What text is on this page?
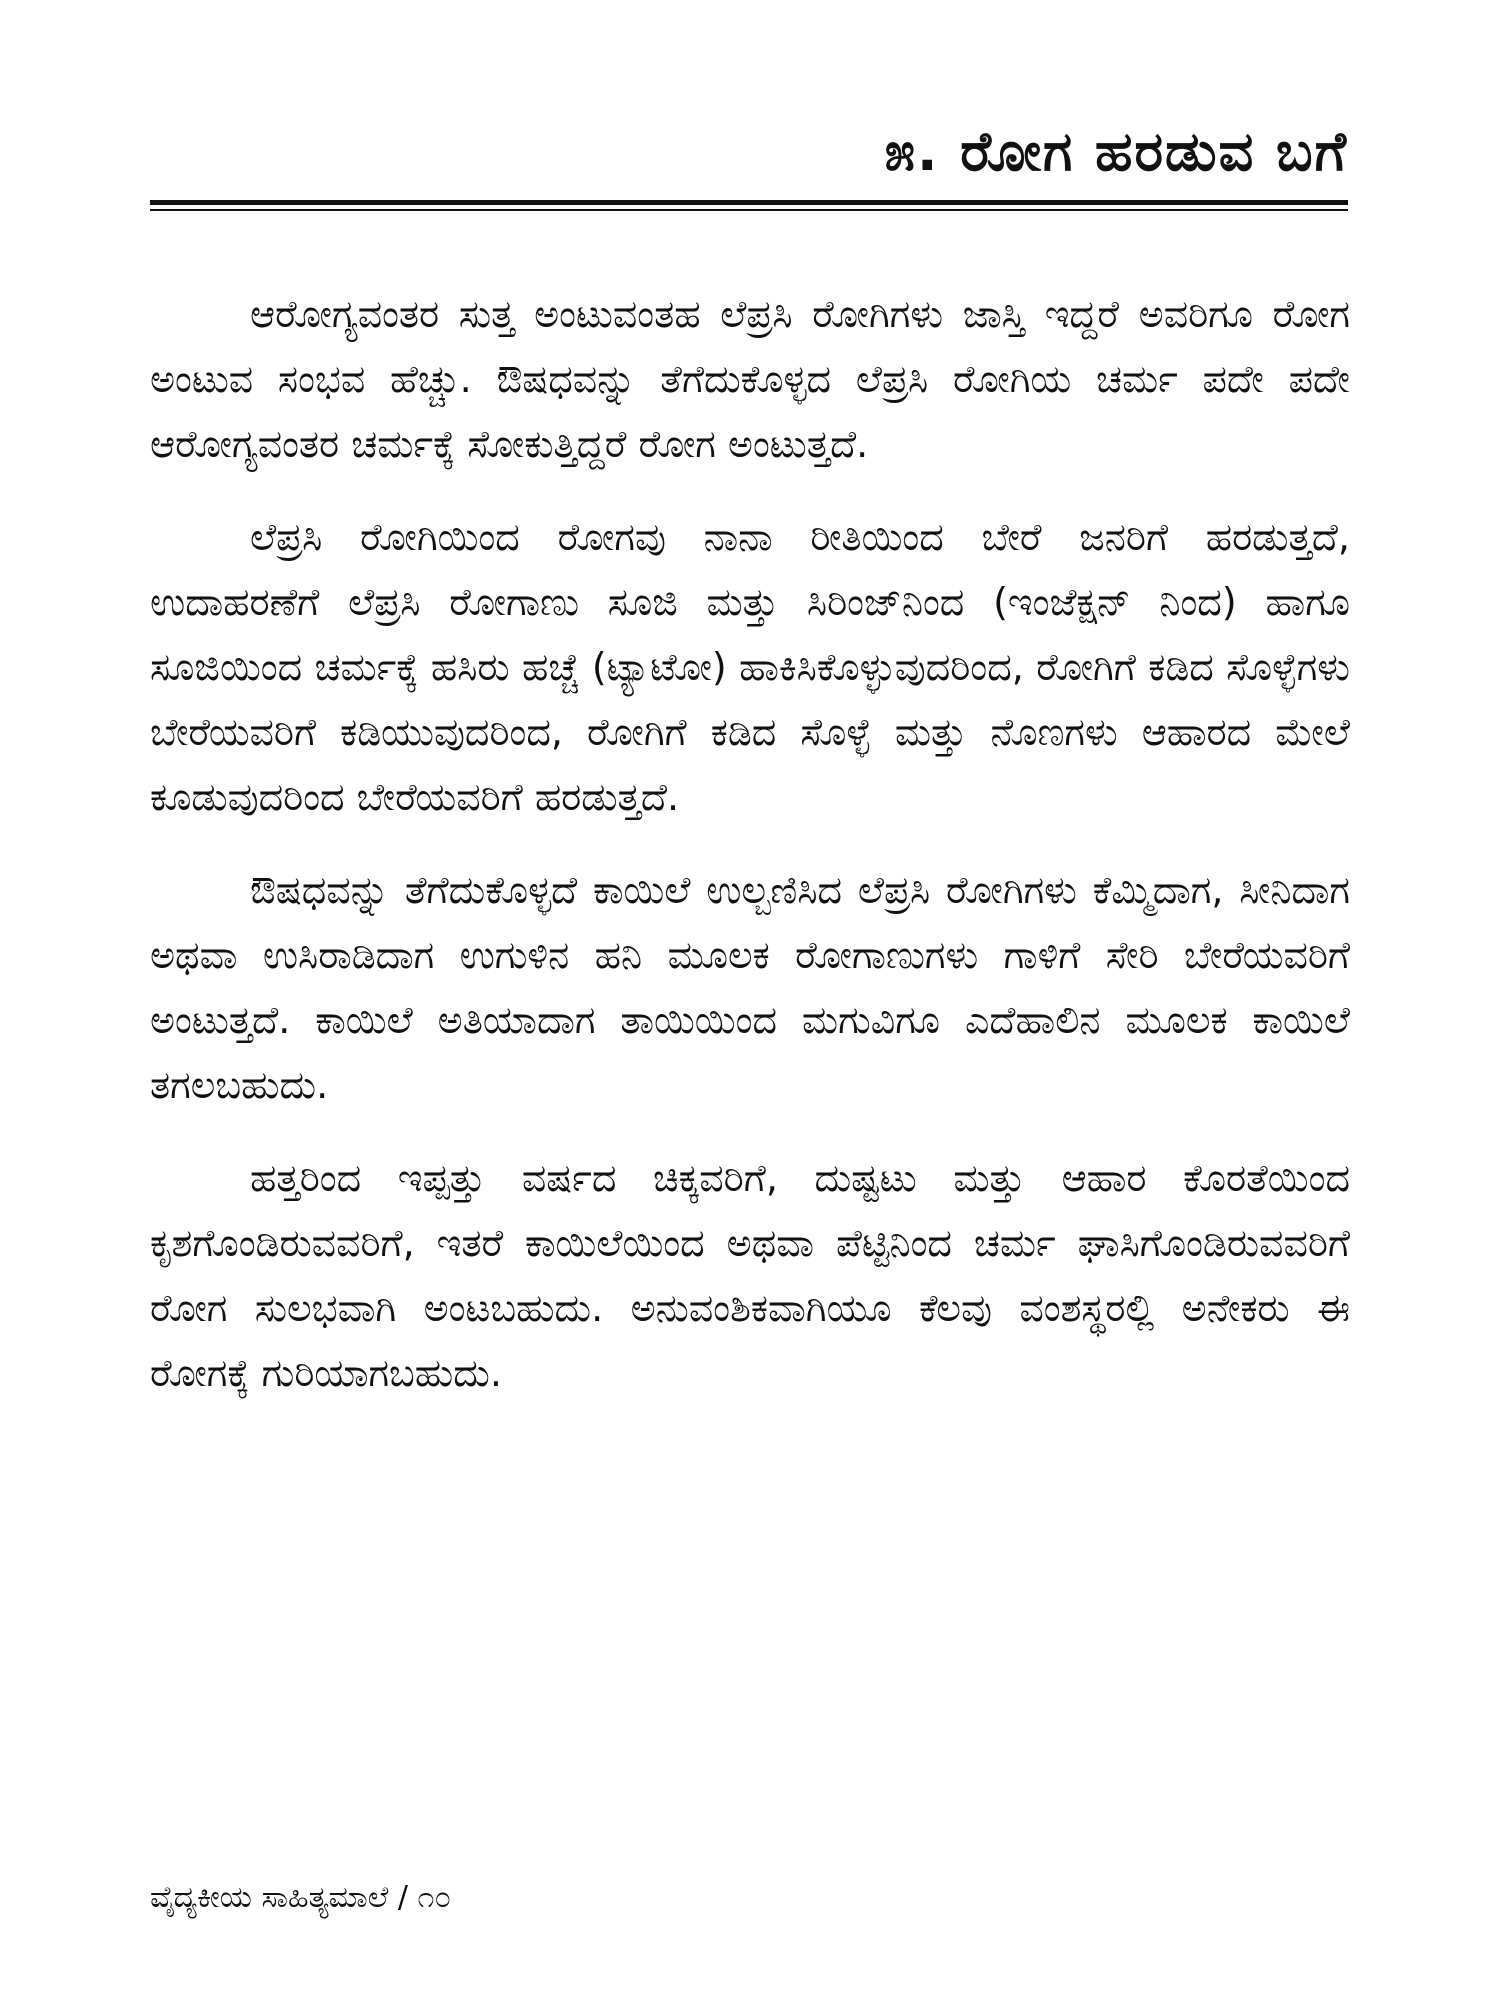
೫. ರೋಗ ಹರಡುವ ಬಗೆ

ಆರೋಗ್ಯವಂತರ ಸುತ್ತ ಅಂಟುವಂತಹ ಲೆಪ್ರಸಿ ರೋಗಿಗಳು ಜಾಸ್ತಿ ಇದ್ದರೆ ಅವರಿಗೂ ರೋಗ ಅಂಟುವ ಸಂಭವ ಹೆಚ್ಚು. ಔಷಧವನ್ನು ತೆಗೆದುಕೊಳ್ಳದ ಲೆಪ್ರಸಿ ರೋಗಿಯ ಚರ್ಮ ಪದೇ ಪದೇ ಆರೋಗ್ಯವಂತರ ಚರ್ಮಕ್ಕೆ ಸೋಕುತ್ತಿದ್ದರೆ ರೋಗ ಅಂಟುತ್ತದೆ.

ಲೆಪ್ರಸಿ ರೋಗಿಯಿಂದ ರೋಗವು ನಾನಾ ರೀತಿಯಿಂದ ಬೇರೆ ಜನರಿಗೆ ಹರಡುತ್ತದೆ, ಉದಾಹರಣೆಗೆ ಲೆಪ್ರಸಿ ರೋಗಾಣು ಸೂಜಿ ಮತ್ತು ಸಿರಿಂಜ್‌ನಿಂದ (ಇಂಜೆಕ್ಷನ್ ನಿಂದ) ಹಾಗೂ ಸೂಜಿಯಿಂದ ಚರ್ಮಕ್ಕೆ ಹಸಿರು ಹಚ್ಚೆ (ಟ್ಯಾಟೋ) ಹಾಕಿಸಿಕೊಳ್ಳುವುದರಿಂದ, ರೋಗಿಗೆ ಕಡಿದ ಸೊಳ್ಳೆಗಳು ಬೇರೆಯವರಿಗೆ ಕಡಿಯುವುದರಿಂದ, ರೋಗಿಗೆ ಕಡಿದ ಸೊಳ್ಳೆ ಮತ್ತು ನೊಣಗಳು ಆಹಾರದ ಮೇಲೆ ಕೂಡುವುದರಿಂದ ಬೇರೆಯವರಿಗೆ ಹರಡುತ್ತದೆ.

ಔಷಧವನ್ನು ತೆಗೆದುಕೊಳ್ಳದೆ ಕಾಯಿಲೆ ಉಲ್ಬಣಿಸಿದ ಲೆಪ್ರಸಿ ರೋಗಿಗಳು ಕೆಮ್ಮಿದಾಗ, ಸೀನಿದಾಗ ಅಥವಾ ಉಸಿರಾಡಿದಾಗ ಉಗುಳಿನ ಹನಿ ಮೂಲಕ ರೋಗಾಣುಗಳು ಗಾಳಿಗೆ ಸೇರಿ ಬೇರೆಯವರಿಗೆ ಅಂಟುತ್ತದೆ. ಕಾಯಿಲೆ ಅತಿಯಾದಾಗ ತಾಯಿಯಿಂದ ಮಗುವಿಗೂ ಎದೆಹಾಲಿನ ಮೂಲಕ ಕಾಯಿಲೆ ತಗಲಬಹುದು.

ಹತ್ತರಿಂದ ಇಪ್ಪತ್ತು ವರ್ಷದ ಚಿಕ್ಕವರಿಗೆ, ದುಷ್ಟಟು ಮತ್ತು ಆಹಾರ ಕೊರತೆಯಿಂದ ಕೃಶಗೊಂಡಿರುವವರಿಗೆ, ಇತರೆ ಕಾಯಿಲೆಯಿಂದ ಅಥವಾ ಪೆಟ್ಟಿನಿಂದ ಚರ್ಮ ಘಾಸಿಗೊಂಡಿರುವವರಿಗೆ ರೋಗ ಸುಲಭವಾಗಿ ಅಂಟಬಹುದು. ಅನುವಂಶಿಕವಾಗಿಯೂ ಕೆಲವು ವಂಶಸ್ಥರಲ್ಲಿ ಅನೇಕರು ಈ ರೋಗಕ್ಕೆ ಗುರಿಯಾಗಬಹುದು.

ವೈದ್ಯಕೀಯ ಸಾಹಿತ್ಯಮಾಲೆ / ೧೦
